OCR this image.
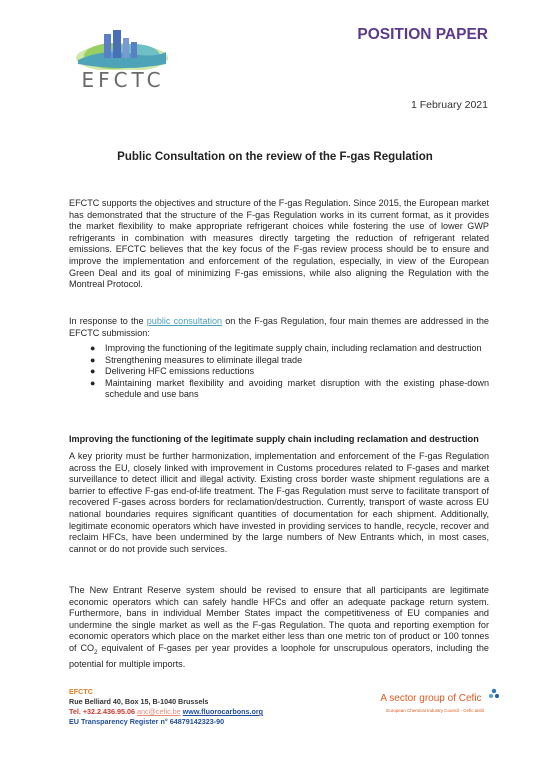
EFCTC
POSITION PAPER
1 February 2021
Public Consultation on the review of the F-gas Regulation
EFCTC supports the objectives and structure of the F-gas Regulation. Since 2015, the European market has demonstrated that the structure of the F-gas Regulation works in its current format, as it provides the market flexibility to make appropriate refrigerant choices while fostering the use of lower GWP refrigerants in combination with measures directly targeting the reduction of refrigerant related emissions. EFCTC believes that the key focus of the F-gas review process should be to ensure and improve the implementation and enforcement of the regulation, especially, in view of the European Green Deal and its goal of minimizing F-gas emissions, while also aligning the Regulation with the Montreal Protocol.
In response to the public consultation on the F-gas Regulation, four main themes are addressed in the EFCTC submission:
● Improving the functioning of the legitimate supply chain, including reclamation and destruction
● Strengthening measures to eliminate illegal trade
● Delivering HFC emissions reductions
● Maintaining market flexibility and avoiding market disruption with the existing phase-down schedule and use bans
Improving the functioning of the legitimate supply chain including reclamation and destruction
A key priority must be further harmonization, implementation and enforcement of the F-gas Regulation across the EU, closely linked with improvement in Customs procedures related to F-gases and market surveillance to detect illicit and illegal activity. Existing cross border waste shipment regulations are a barrier to effective F-gas end-of-life treatment. The F-gas Regulation must serve to facilitate transport of recovered F-gases across borders for reclamation/destruction. Currently, transport of waste across EU national boundaries requires significant quantities of documentation for each shipment. Additionally, legitimate economic operators which have invested in providing services to handle, recycle, recover and reclaim HFCs, have been undermined by the large numbers of New Entrants which, in most cases, cannot or do not provide such services.
The New Entrant Reserve system should be revised to ensure that all participants are legitimate economic operators which can safely handle HFCs and offer an adequate package return system. Furthermore, bans in individual Member States impact the competitiveness of EU companies and undermine the single market as well as the F-gas Regulation. The quota and reporting exemption for economic operators which place on the market either less than one metric ton of product or 100 tonnes of $CO_2$ equivalent of F-gases per year provides a loophole for unscrupulous operators, including the potential for multiple imports.
EFCTC
Rue Belliard 40, Box 15, B-1040 Brussels
Tel. +32.2.436.95.06 anc@cefic.be www.fluorocarbons.org
EU Transparency Register n° 64879142323-90
A sector group of Cefic
European Chemical Industry Council - Cefic aisbl
